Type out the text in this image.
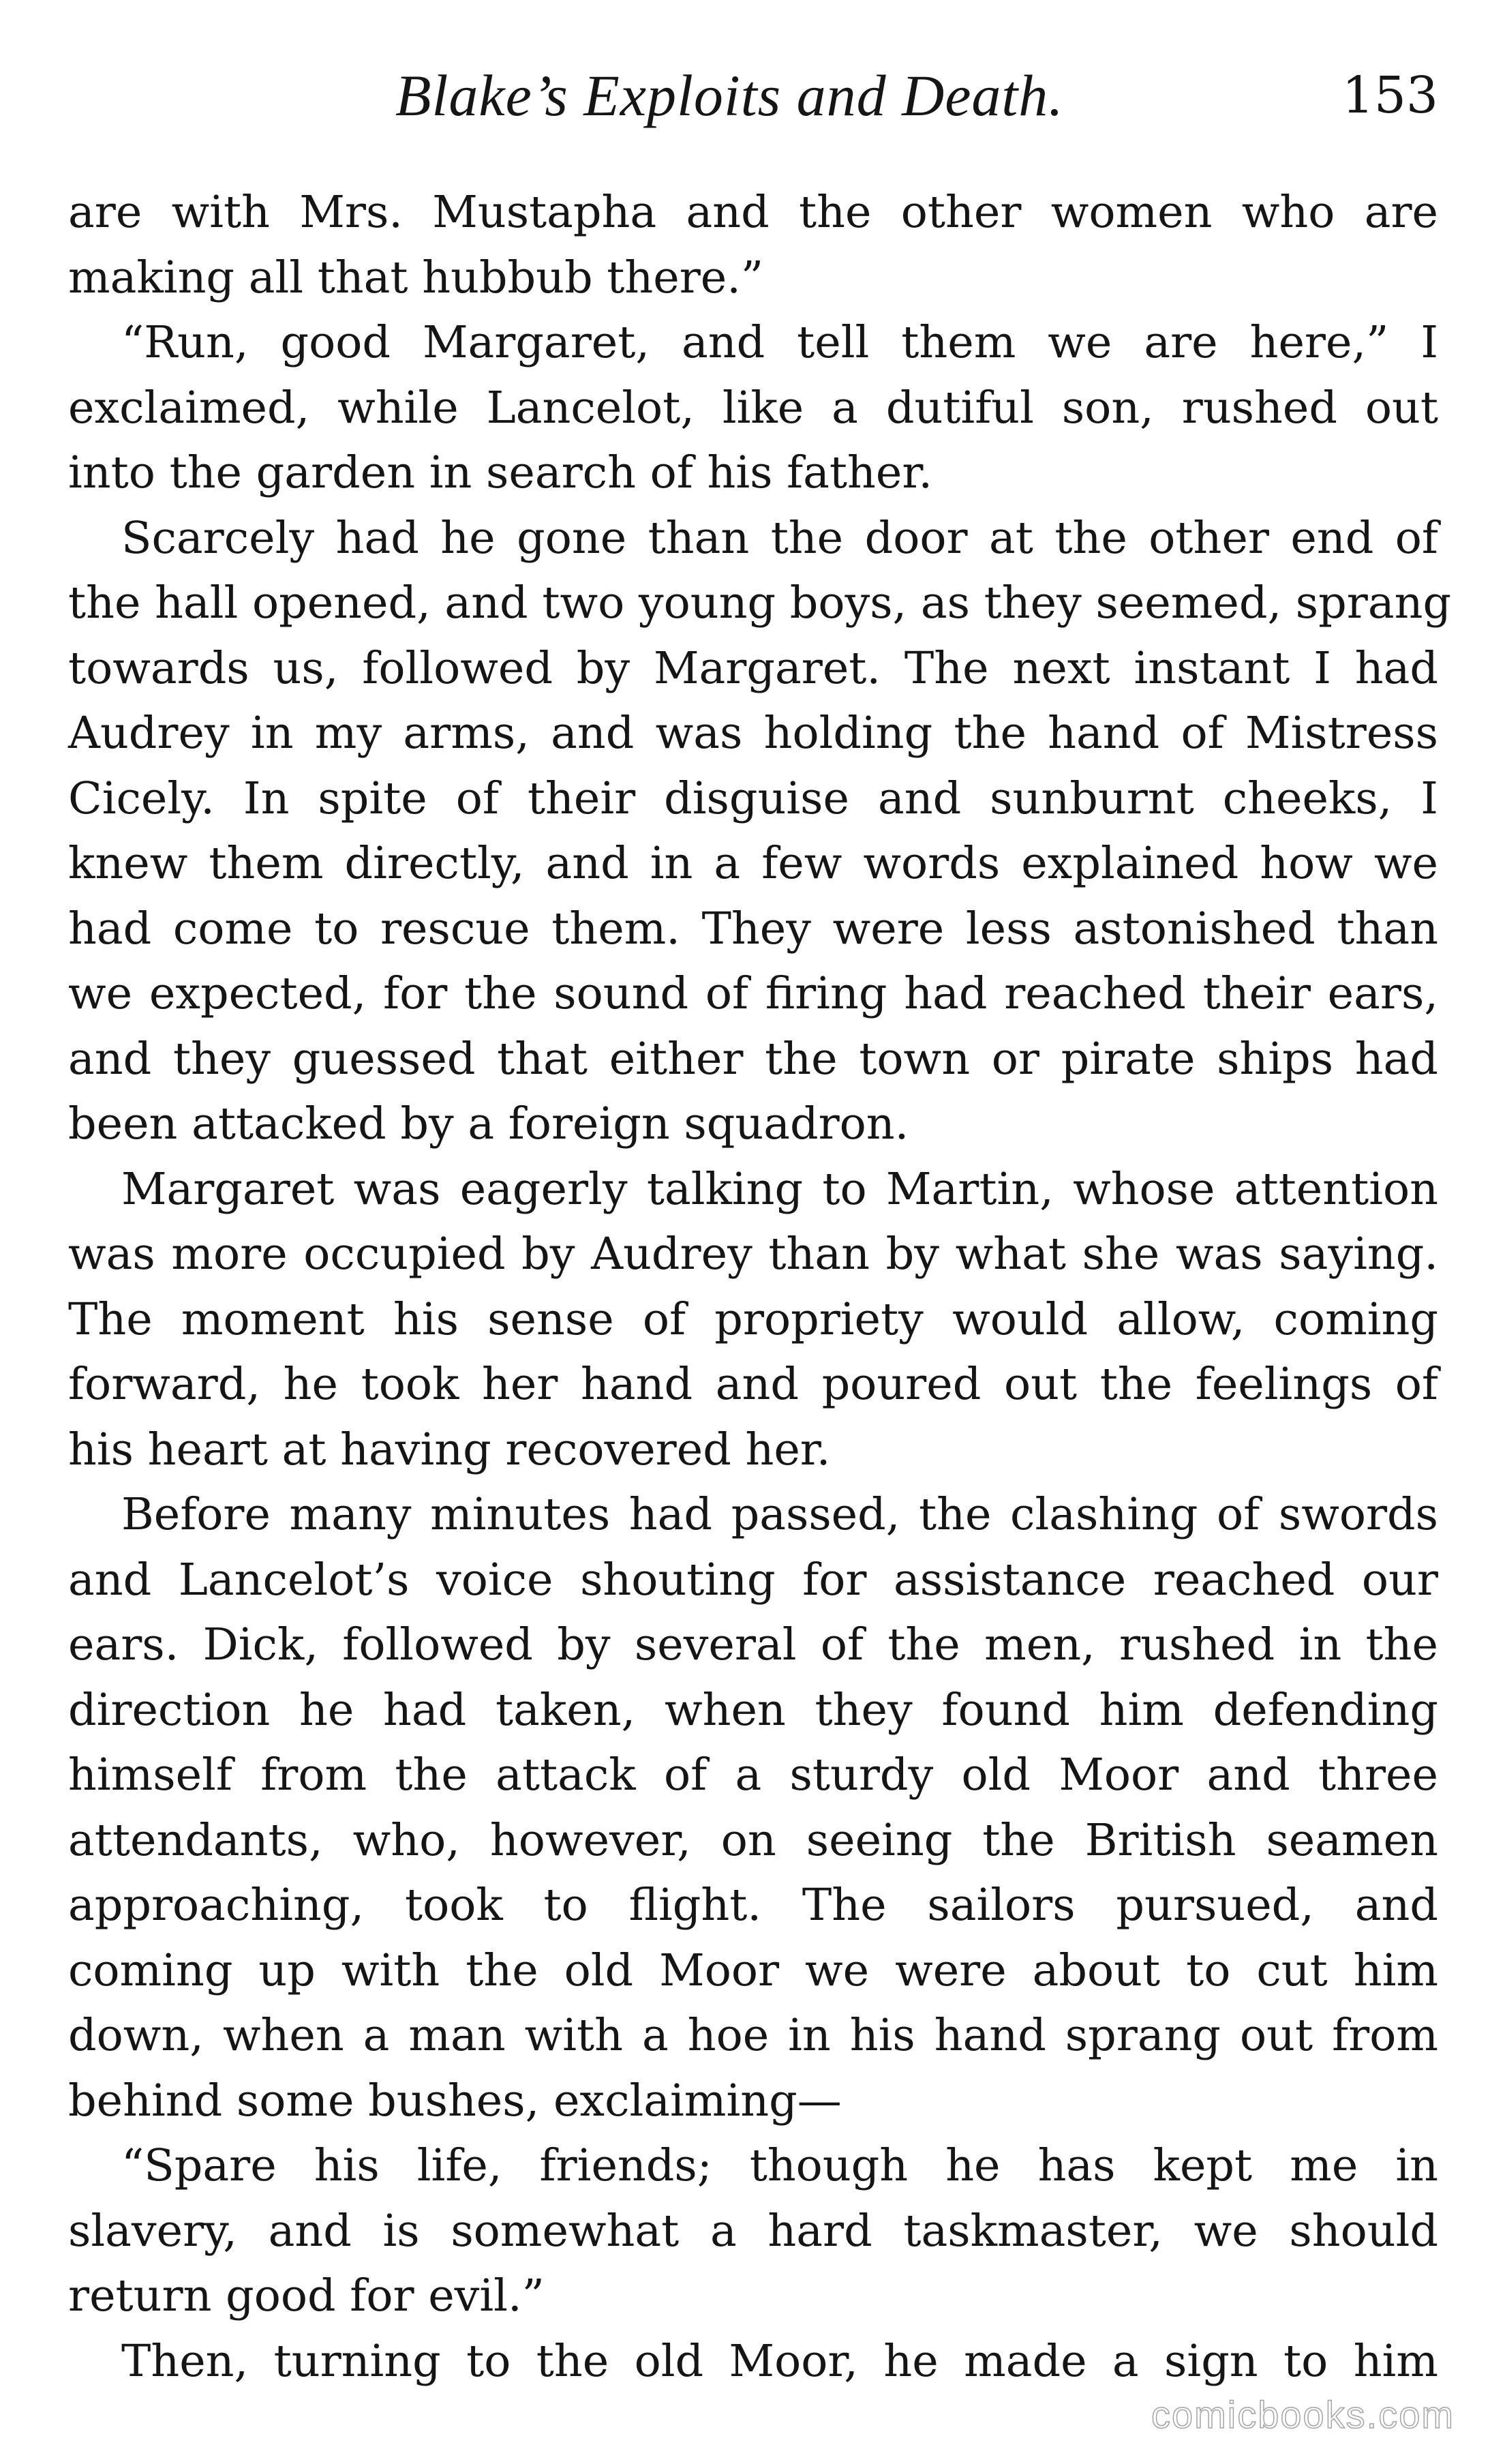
Blake’s Exploits and Death.	153
are with Mrs. Mustapha and the other women who are
making all that hubbub there.”
“Run, good Margaret, and tell them we are here,” I
exclaimed, while Lancelot, like a dutiful son, rushed out
into the garden in search of his father.
Scarcely had he gone than the door at the other end of
the hall opened, and two young boys, as they seemed, sprang
towards us, followed by Margaret. The next instant I had
Audrey in my arms, and was holding the hand of Mistress
Cicely. In spite of their disguise and sunburnt cheeks, I
knew them directly, and in a few words explained how we
had come to rescue them. They were less astonished than
we expected, for the sound of firing had reached their ears,
and they guessed that either the town or pirate ships had
been attacked by a foreign squadron.
Margaret was eagerly talking to Martin, whose attention
was more occupied by Audrey than by what she was saying.
The moment his sense of propriety would allow, coming
forward, he took her hand and poured out the feelings of
his heart at having recovered her.
Before many minutes had passed, the clashing of swords
and Lancelot’s voice shouting for assistance reached our
ears. Dick, followed by several of the men, rushed in the
direction he had taken, when they found him defending
himself from the attack of a sturdy old Moor and three
attendants, who, however, on seeing the British seamen
approaching, took to flight. The sailors pursued, and
coming up with the old Moor we were about to cut him
down, when a man with a hoe in his hand sprang out from
behind some bushes, exclaiming—
“Spare his life, friends; though he has kept me in
slavery, and is somewhat a hard taskmaster, we should
return good for evil.”
Then, turning to the old Moor, he made a sign to him
comicbooks.com
